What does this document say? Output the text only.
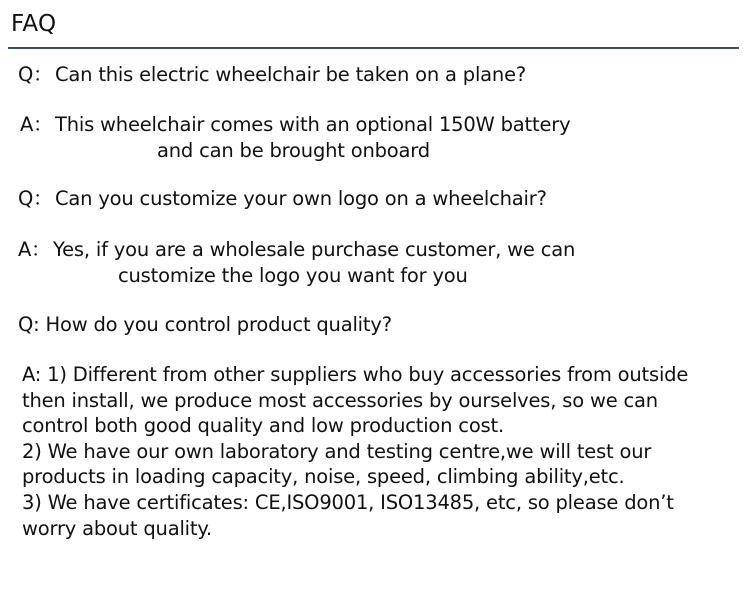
FAQ
Q： Can this electric wheelchair be taken on a plane?
A： This wheelchair comes with an optional 150W battery
and can be brought onboard
Q： Can you customize your own logo on a wheelchair?
A： Yes, if you are a wholesale purchase customer, we can
customize the logo you want for you
Q: How do you control product quality?
A: 1) Different from other suppliers who buy accessories from outside
then install, we produce most accessories by ourselves, so we can
control both good quality and low production cost.
2) We have our own laboratory and testing centre,we will test our
products in loading capacity, noise, speed, climbing ability,etc.
3) We have certificates: CE,ISO9001, ISO13485, etc, so please don’t
worry about quality.
